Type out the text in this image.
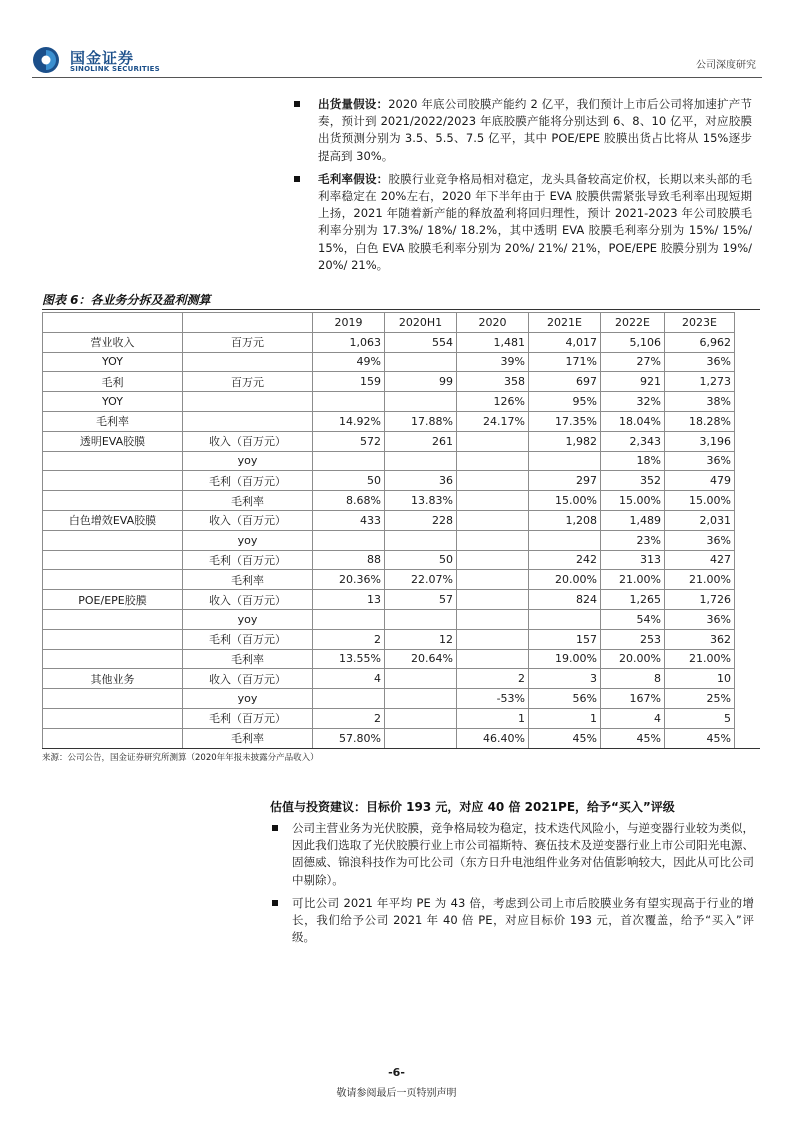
国金证券
SINOLINK SECURITIES	公司深度研究
出货量假设：2020 年底公司胶膜产能约 2 亿平，我们预计上市后公司将加速扩产节奏，预计到 2021/2022/2023 年底胶膜产能将分别达到 6、8、10 亿平，对应胶膜出货预测分别为 3.5、5.5、7.5 亿平，其中 POE/EPE 胶膜出货占比将从 15%逐步提高到 30%。
毛利率假设：胶膜行业竞争格局相对稳定，龙头具备较高定价权，长期以来头部的毛利率稳定在 20%左右，2020 年下半年由于 EVA 胶膜供需紧张导致毛利率出现短期上扬，2021 年随着新产能的释放盈利将回归理性，预计 2021-2023 年公司胶膜毛利率分别为 17.3%/ 18%/ 18.2%，其中透明 EVA 胶膜毛利率分别为 15%/ 15%/ 15%，白色 EVA 胶膜毛利率分别为 20%/ 21%/ 21%，POE/EPE 胶膜分别为 19%/ 20%/ 21%。
图表 6：各业务分拆及盈利测算
		2019	2020H1	2020	2021E	2022E	2023E
营业收入	百万元	1,063	554	1,481	4,017	5,106	6,962
YOY		49%		39%	171%	27%	36%
毛利	百万元	159	99	358	697	921	1,273
YOY				126%	95%	32%	38%
毛利率		14.92%	17.88%	24.17%	17.35%	18.04%	18.28%
透明EVA胶膜	收入（百万元）	572	261		1,982	2,343	3,196
	yoy					18%	36%
	毛利（百万元）	50	36		297	352	479
	毛利率	8.68%	13.83%		15.00%	15.00%	15.00%
白色增效EVA胶膜	收入（百万元）	433	228		1,208	1,489	2,031
	yoy					23%	36%
	毛利（百万元）	88	50		242	313	427
	毛利率	20.36%	22.07%		20.00%	21.00%	21.00%
POE/EPE胶膜	收入（百万元）	13	57		824	1,265	1,726
	yoy					54%	36%
	毛利（百万元）	2	12		157	253	362
	毛利率	13.55%	20.64%		19.00%	20.00%	21.00%
其他业务	收入（百万元）	4		2	3	8	10
	yoy			-53%	56%	167%	25%
	毛利（百万元）	2		1	1	4	5
	毛利率	57.80%		46.40%	45%	45%	45%
来源：公司公告，国金证券研究所测算（2020年年报未披露分产品收入）
估值与投资建议：目标价 193 元，对应 40 倍 2021PE，给予“买入”评级
公司主营业务为光伏胶膜，竞争格局较为稳定，技术迭代风险小，与逆变器行业较为类似，因此我们选取了光伏胶膜行业上市公司福斯特、赛伍技术及逆变器行业上市公司阳光电源、固德威、锦浪科技作为可比公司（东方日升电池组件业务对估值影响较大，因此从可比公司中剔除）。
可比公司 2021 年平均 PE 为 43 倍，考虑到公司上市后胶膜业务有望实现高于行业的增长，我们给予公司 2021 年 40 倍 PE，对应目标价 193 元，首次覆盖，给予“买入”评级。
-6-
敬请参阅最后一页特别声明
